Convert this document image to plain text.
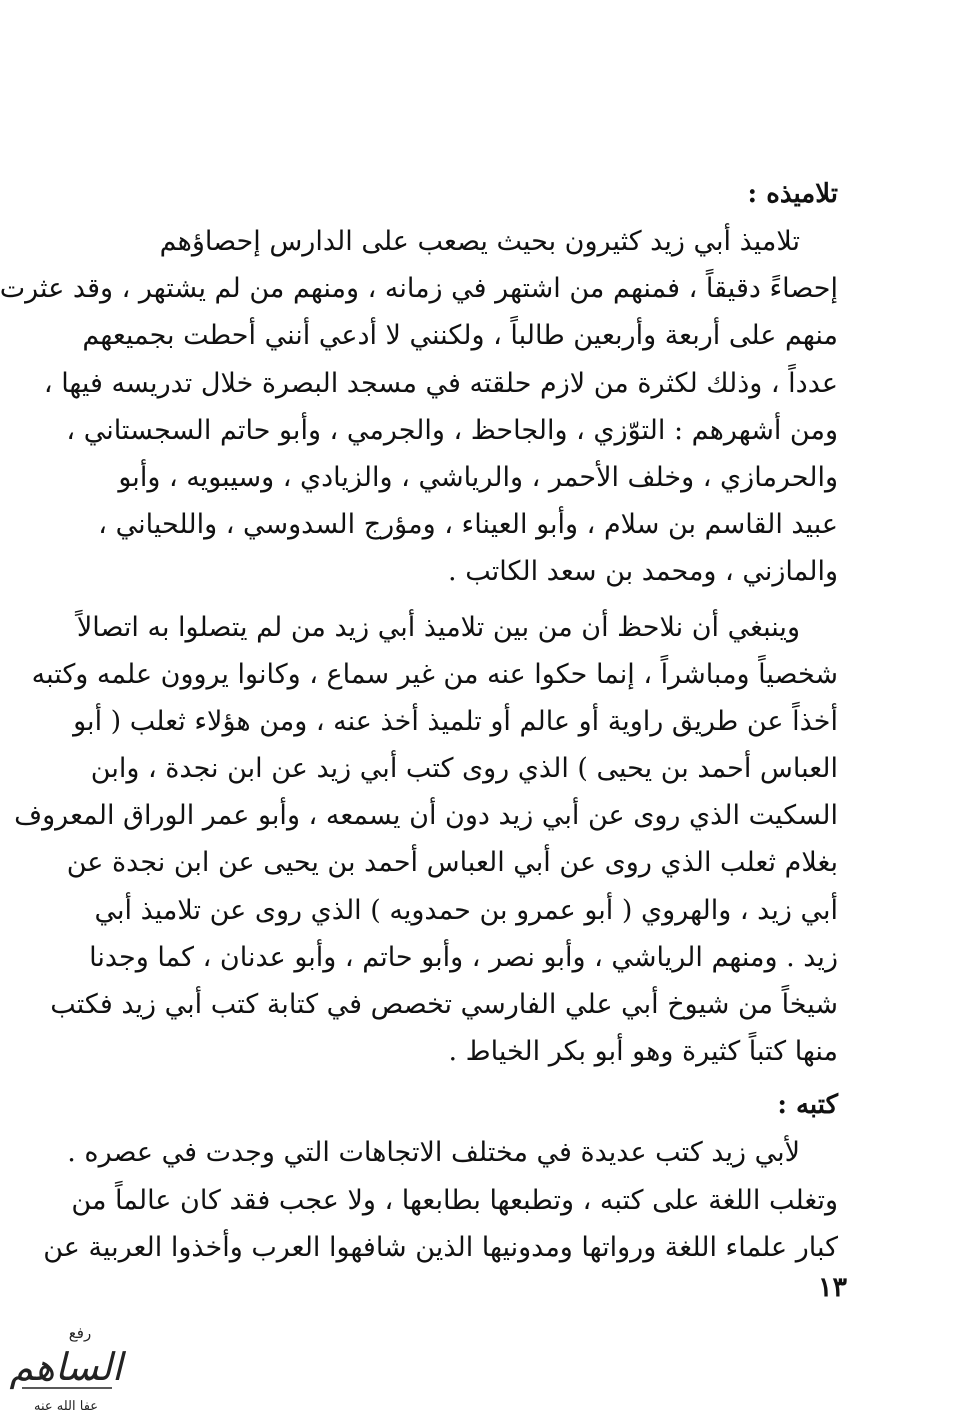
تلاميذه :
تلاميذ أبي زيد كثيرون بحيث يصعب على الدارس إحصاؤهم
إحصاءً دقيقاً ، فمنهم من اشتهر في زمانه ، ومنهم من لم يشتهر ، وقد عثرت
منهم على أربعة وأربعين طالباً ، ولكنني لا أدعي أنني أحطت بجميعهم
عدداً ، وذلك لكثرة من لازم حلقته في مسجد البصرة خلال تدريسه فيها ،
ومن أشهرهم : التوّزي ، والجاحظ ، والجرمي ، وأبو حاتم السجستاني ،
والحرمازي ، وخلف الأحمر ، والرياشي ، والزيادي ، وسيبويه ، وأبو
عبيد القاسم بن سلام ، وأبو العيناء ، ومؤرج السدوسي ، واللحياني ،
والمازني ، ومحمد بن سعد الكاتب .
وينبغي أن نلاحظ أن من بين تلاميذ أبي زيد من لم يتصلوا به اتصالاً
شخصياً ومباشراً ، إنما حكوا عنه من غير سماع ، وكانوا يروون علمه وكتبه
أخذاً عن طريق راوية أو عالم أو تلميذ أخذ عنه ، ومن هؤلاء ثعلب ( أبو
العباس أحمد بن يحيى ) الذي روى كتب أبي زيد عن ابن نجدة ، وابن
السكيت الذي روى عن أبي زيد دون أن يسمعه ، وأبو عمر الوراق المعروف
بغلام ثعلب الذي روى عن أبي العباس أحمد بن يحيى عن ابن نجدة عن
أبي زيد ، والهروي ( أبو عمرو بن حمدويه ) الذي روى عن تلاميذ أبي
زيد . ومنهم الرياشي ، وأبو نصر ، وأبو حاتم ، وأبو عدنان ، كما وجدنا
شيخاً من شيوخ أبي علي الفارسي تخصص في كتابة كتب أبي زيد فكتب
منها كتباً كثيرة وهو أبو بكر الخياط .
كتبه :
لأبي زيد كتب عديدة في مختلف الاتجاهات التي وجدت في عصره .
وتغلب اللغة على كتبه ، وتطبعها بطابعها ، ولا عجب فقد كان عالماً من
كبار علماء اللغة ورواتها ومدونيها الذين شافهوا العرب وأخذوا العربية عن
١٣
رفع
الساهم
عفا الله عنه
